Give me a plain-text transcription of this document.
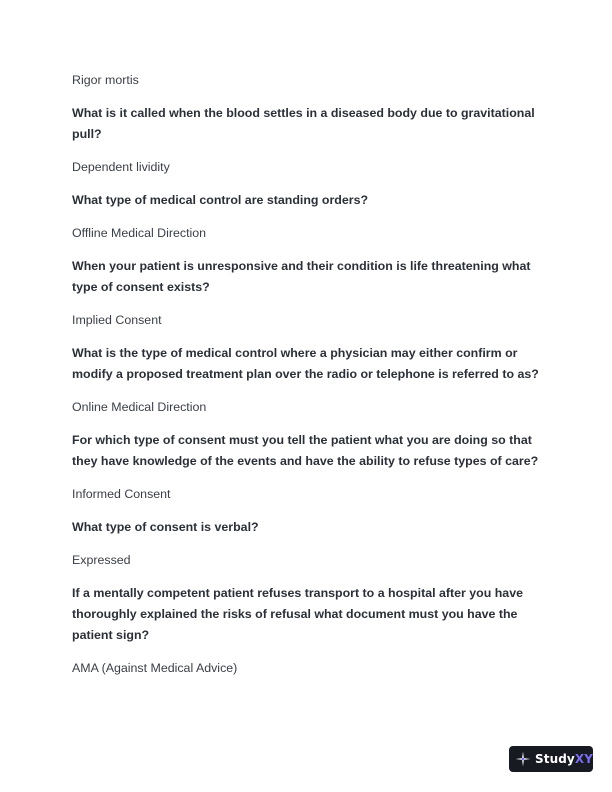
Rigor mortis

What is it called when the blood settles in a diseased body due to gravitational pull?

Dependent lividity

What type of medical control are standing orders?

Offline Medical Direction

When your patient is unresponsive and their condition is life threatening what type of consent exists?

Implied Consent

What is the type of medical control where a physician may either confirm or modify a proposed treatment plan over the radio or telephone is referred to as?

Online Medical Direction

For which type of consent must you tell the patient what you are doing so that they have knowledge of the events and have the ability to refuse types of care?

Informed Consent

What type of consent is verbal?

Expressed

If a mentally competent patient refuses transport to a hospital after you have thoroughly explained the risks of refusal what document must you have the patient sign?

AMA (Against Medical Advice)

StudyXY
